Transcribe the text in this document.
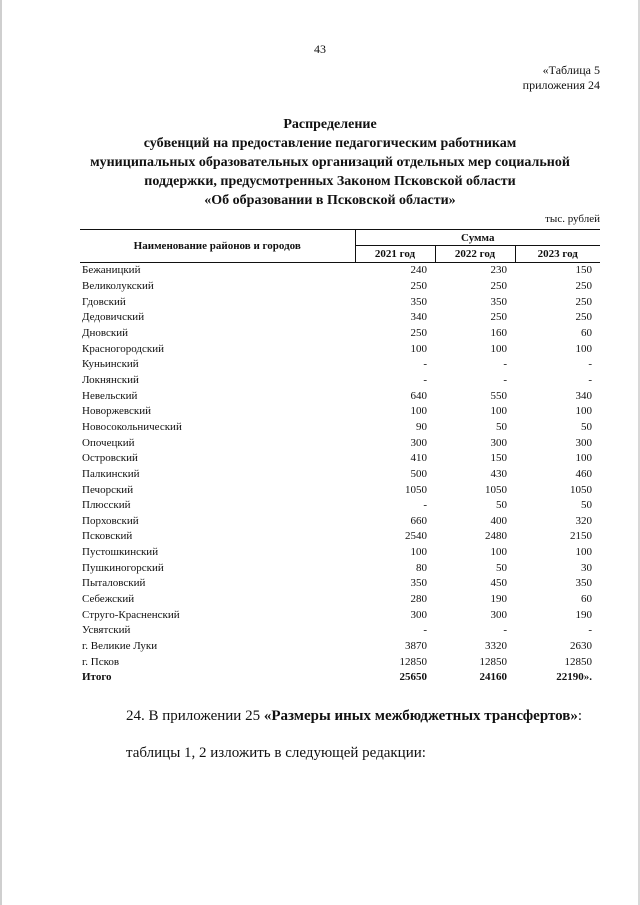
43
«Таблица 5
приложения 24
Распределение
субвенций на предоставление педагогическим работникам
муниципальных образовательных организаций отдельных мер социальной
поддержки, предусмотренных Законом Псковской области
«Об образовании в Псковской области»
тыс. рублей
Наименование районов и городов	Сумма		
	2021 год	2022 год	2023 год
Бежаницкий	240	230	150
Великолукский	250	250	250
Гдовский	350	350	250
Дедовичский	340	250	250
Дновский	250	160	60
Красногородский	100	100	100
Куньинский	-	-	-
Локнянский	-	-	-
Невельский	640	550	340
Новоржевский	100	100	100
Новосокольнический	90	50	50
Опочецкий	300	300	300
Островский	410	150	100
Палкинский	500	430	460
Печорский	1050	1050	1050
Плюсский	-	50	50
Порховский	660	400	320
Псковский	2540	2480	2150
Пустошкинский	100	100	100
Пушкиногорский	80	50	30
Пыталовский	350	450	350
Себежский	280	190	60
Струго-Красненский	300	300	190
Усвятский	-	-	-
г. Великие Луки	3870	3320	2630
г. Псков	12850	12850	12850
Итого	25650	24160	22190».
24. В приложении 25 «Размеры иных межбюджетных трансфертов»:
таблицы 1, 2 изложить в следующей редакции:
